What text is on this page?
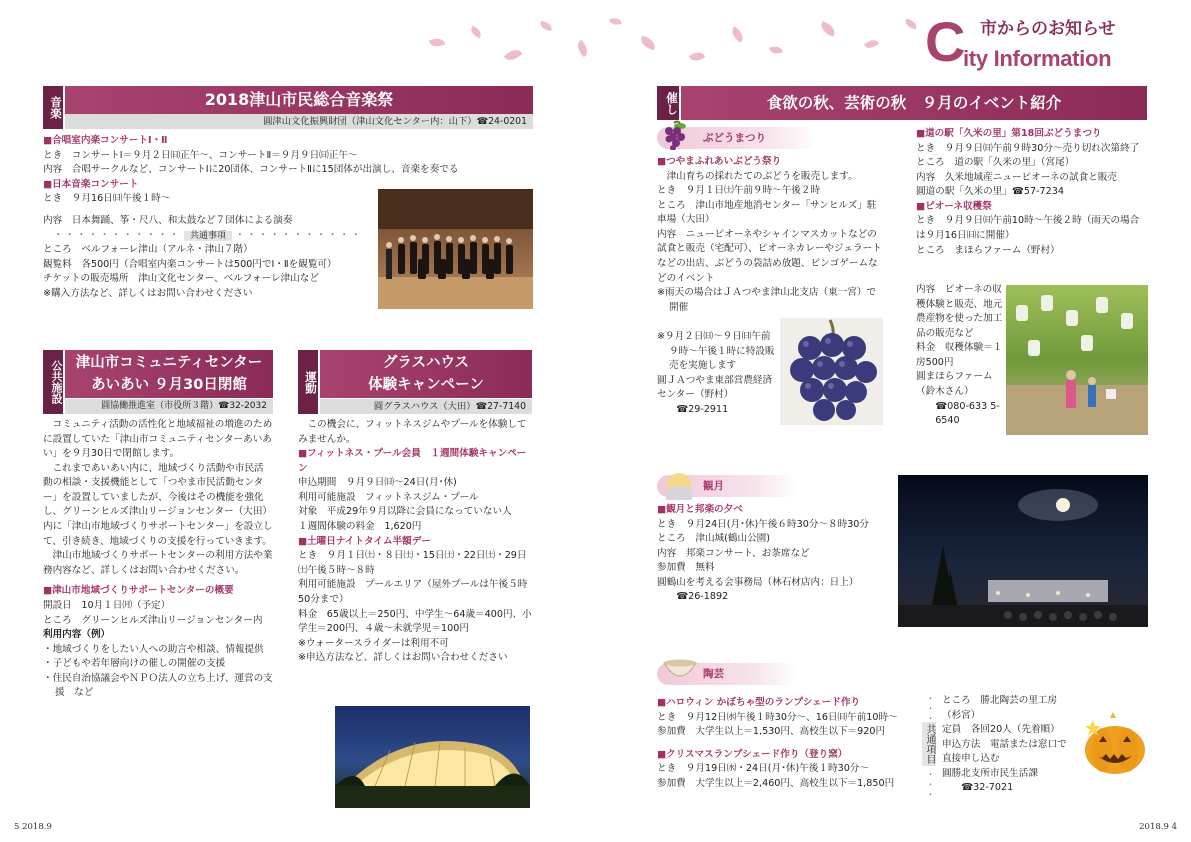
市からのお知らせ
C
ity Information
音楽	2018津山市民総合音楽祭
圓津山文化振興財団（津山文化センター内：山下）☎24-0201

■合唱室内楽コンサートⅠ・Ⅱ

とき　コンサートⅠ＝９月２日㈰正午～、コンサートⅡ＝９月９日㈰正午～

内容　合唱サークルなど、コンサートⅠに20団体、コンサートⅡに15団体が出演し、音楽を奏でる

■日本音楽コンサート

とき　９月16日㈰午後１時～

内容　日本舞踊、筝・尺八、和太鼓など７団体による演奏

・・・・・・・・・・・ 共通事項 ・・・・・・・・・・・

ところ　ベルフォーレ津山（アルネ・津山７階）

観覧料　各500円（合唱室内楽コンサートは500円でⅠ・Ⅱを観覧可）

チケットの販売場所　津山文化センター、ベルフォーレ津山など

※購入方法など、詳しくはお問い合わせください

公共施設 津山市コミュニティセンター
あいあい ９月30日閉館
圓協働推進室（市役所３階）☎32-2032

コミュニティ活動の活性化と地域福祉の増進のために設置していた「津山市コミュニティセンターあいあい」を９月30日で閉館します。

これまであいあい内に、地域づくり活動や市民活動の相談・支援機能として「つやま市民活動センター」を設置していましたが、今後はその機能を強化し、グリーンヒルズ津山リージョンセンター（大田）内に「津山市地域づくりサポートセンター」を設立して、引き続き、地域づくりの支援を行っていきます。

津山市地域づくりサポートセンターの利用方法や業務内容など、詳しくはお問い合わせください。

■津山市地域づくりサポートセンターの概要

開設日　10月１日㈪（予定）

ところ　グリーンヒルズ津山リージョンセンター内

利用内容（例）

・地域づくりをしたい人への助言や相談、情報提供

・子どもや若年層向けの催しの開催の支援

・住民自治協議会やＮＰＯ法人の立ち上げ、運営の支援　など

運動
グラスハウス
体験キャンペーン
圓グラスハウス（大田）☎27-7140

この機会に、フィットネスジムやプールを体験してみませんか。

■フィットネス・プール会員　１週間体験キャンペーン

申込期間　９月９日㈰～24日(月･休)

利用可能施設　フィットネスジム・プール

対象　平成29年９月以降に会員になっていない人

１週間体験の料金　1,620円

■土曜日ナイトタイム半額デー

とき　９月１日㈯・８日㈯・15日㈯・22日㈯・29日㈯午後５時～８時

利用可能施設　プールエリア（屋外プールは午後５時50分まで）

料金　65歳以上＝250円、中学生～64歳＝400円、小学生＝200円、４歳～未就学児＝100円

※ウォータースライダーは利用不可

※申込方法など、詳しくはお問い合わせください

催し	食欲の秋、芸術の秋　９月のイベント紹介
ぶどうまつり

■つやまふれあいぶどう祭り

津山育ちの採れたてのぶどうを販売します。

とき　９月１日㈯午前９時～午後２時

ところ　津山市地産地消センター「サンヒルズ」駐車場（大田）

内容　ニューピオーネやシャインマスカットなどの試食と販売（宅配可）、ピオーネカレーやジェラートなどの出店、ぶどうの袋詰め放題、ビンゴゲームなどのイベント

※雨天の場合はＪＡつやま津山北支店（東一宮）で開催

※９月２日㈰～９日㈰午前９時～午後１時に特設販売を実施します

圓ＪＡつやま東部営農経済センター（野村）

☎29-2911

■道の駅「久米の里」第18回ぶどうまつり

とき　９月９日㈰午前９時30分～売り切れ次第終了

ところ　道の駅「久米の里」（宮尾）

内容　久米地域産ニューピオーネの試食と販売

圓道の駅「久米の里」☎57-7234

■ピオーネ収穫祭

とき　９月９日㈰午前10時～午後２時（雨天の場合は９月16日㈰に開催）

ところ　まほらファーム（野村）

内容　ピオーネの収穫体験と販売、地元農産物を使った加工品の販売など

料金　収穫体験＝１房500円

圓まほらファーム（鈴木さん）

☎080-633 5-6540

観月

■観月と邦楽の夕べ

とき　９月24日(月･休)午後６時30分～８時30分

ところ　津山城(鶴山公園)

内容　邦楽コンサート、お茶席など

参加費　無料

圓鶴山を考える会事務局（林石材店内：日上）

☎26-1892

陶芸

■ハロウィン かぼちゃ型のランプシェード作り

とき　９月12日㈬午後１時30分～、16日㈰午前10時～

参加費　大学生以上＝1,530円、高校生以下＝920円

■クリスマスランプシェード作り（登り窯）

とき　９月19日㈬・24日(月･休)午後１時30分～

参加費　大学生以上＝2,460円、高校生以下＝1,850円

共通項目
・・・
・・・

ところ　勝北陶芸の里工房（杉宮）

定員　各回20人（先着順）

申込方法　電話または窓口で直接申し込む

圓勝北支所市民生活課

☎32-7021

5 2018.9	2018.9 4
